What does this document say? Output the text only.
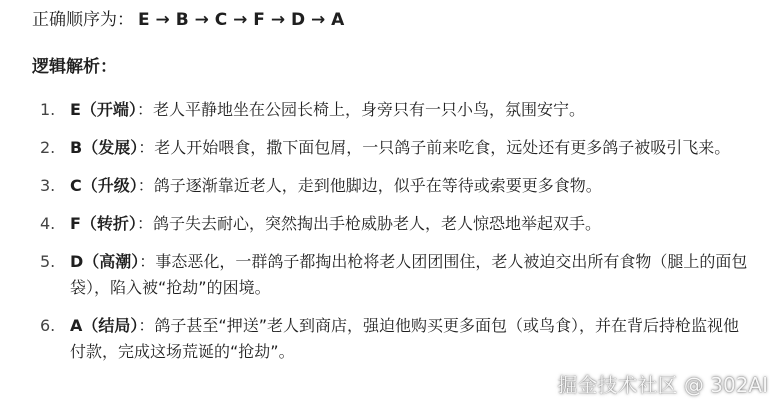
正确顺序为： E → B → C → F → D → A
逻辑解析：
1. E（开端）：老人平静地坐在公园长椅上，身旁只有一只小鸟，氛围安宁。
2. B（发展）：老人开始喂食，撒下面包屑，一只鸽子前来吃食，远处还有更多鸽子被吸引飞来。
3. C（升级）：鸽子逐渐靠近老人，走到他脚边，似乎在等待或索要更多食物。
4. F（转折）：鸽子失去耐心，突然掏出手枪威胁老人，老人惊恐地举起双手。
5. D（高潮）：事态恶化，一群鸽子都掏出枪将老人团团围住，老人被迫交出所有食物（腿上的面包袋），陷入被“抢劫”的困境。
6. A（结局）：鸽子甚至“押送”老人到商店，强迫他购买更多面包（或鸟食），并在背后持枪监视他付款，完成这场荒诞的“抢劫”。
掘金技术社区 @ 302AI
